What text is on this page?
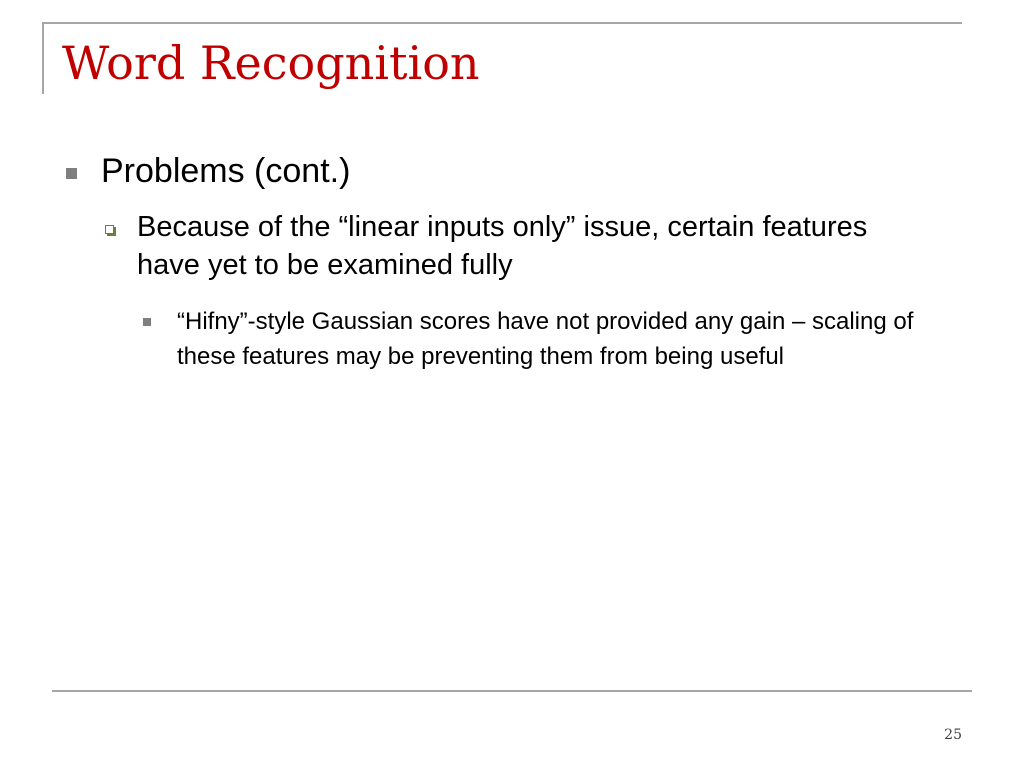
Word Recognition

Problems (cont.)

Because of the “linear inputs only” issue, certain features have yet to be examined fully

“Hifny”-style Gaussian scores have not provided any gain – scaling of these features may be preventing them from being useful

25
